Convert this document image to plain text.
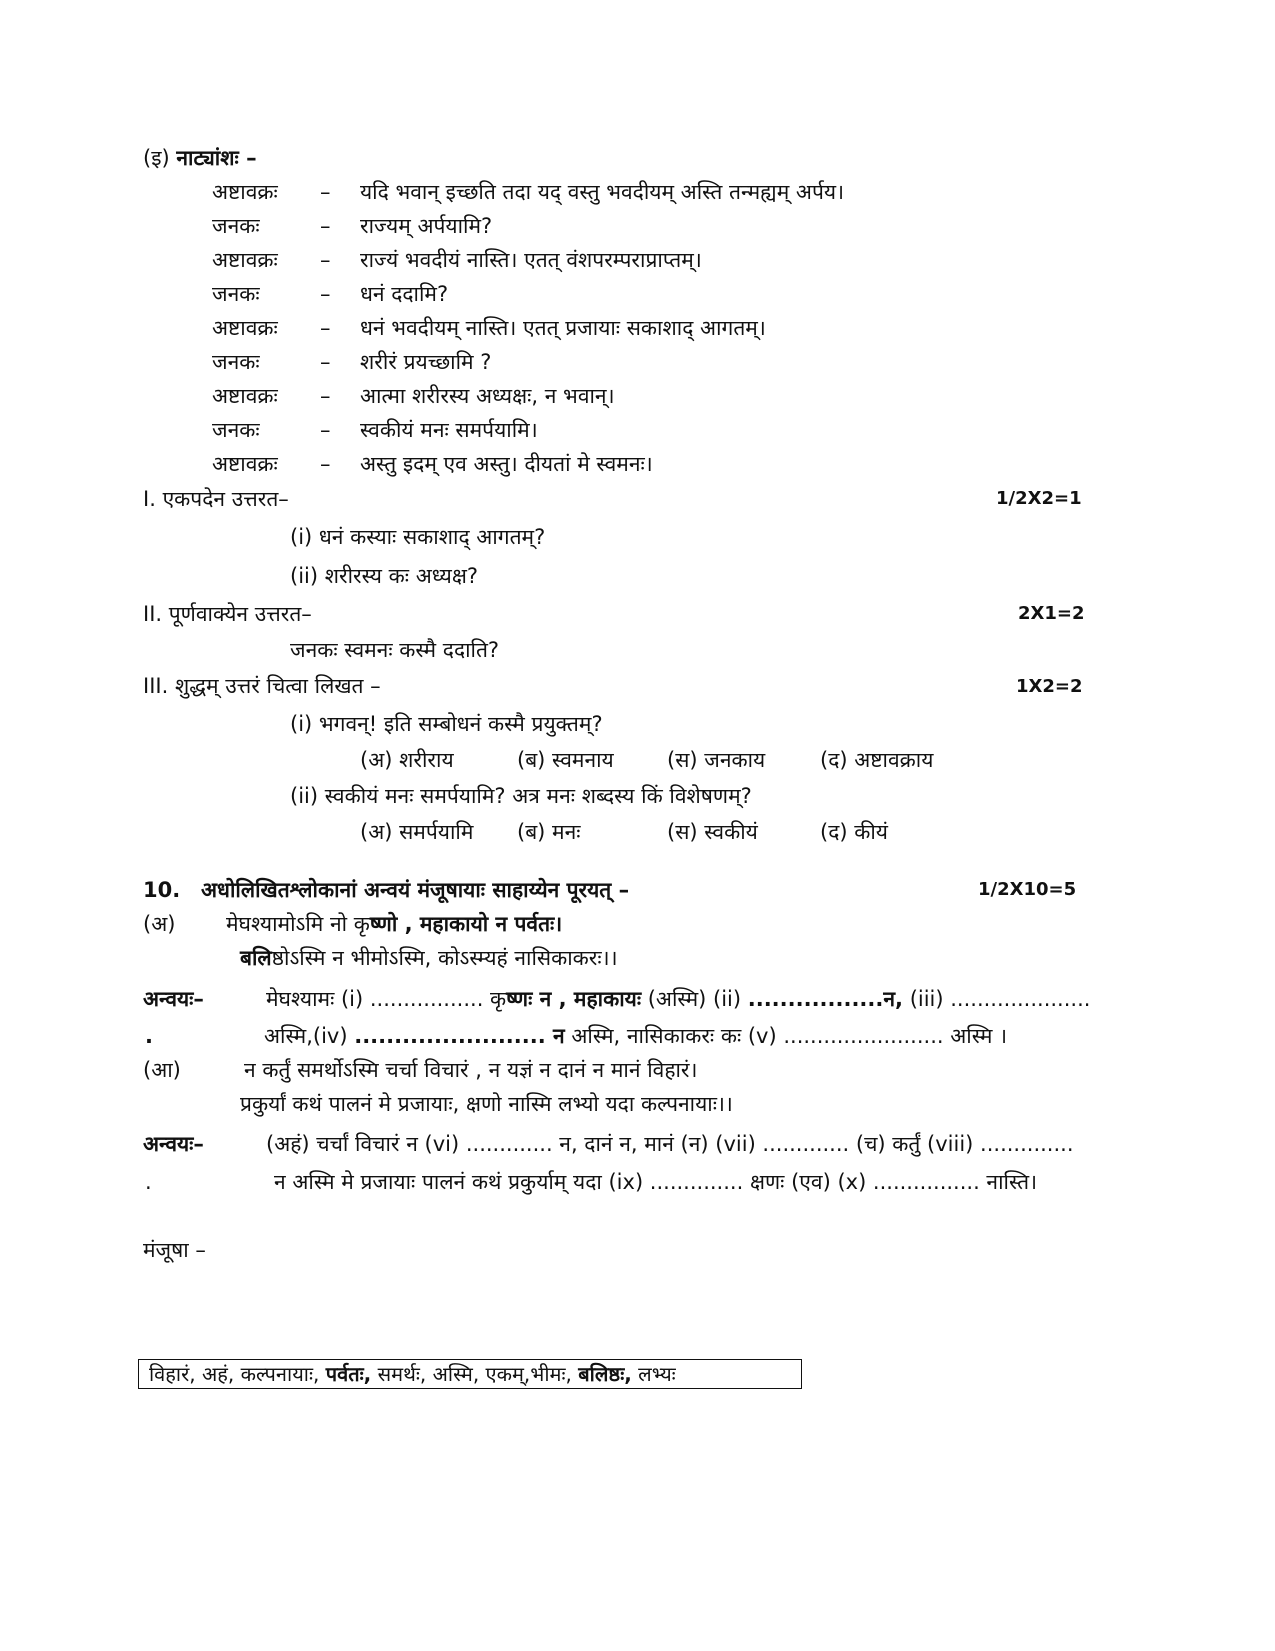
(इ) नाट्यांशः –
अष्टावक्रः – यदि भवान् इच्छति तदा यद् वस्तु भवदीयम् अस्ति तन्मह्यम् अर्पय।
जनकः	– राज्यम् अर्पयामि?
अष्टावक्रः – राज्यं भवदीयं नास्ति। एतत् वंशपरम्पराप्राप्तम्।
जनकः	– धनं ददामि?
अष्टावक्रः – धनं भवदीयम् नास्ति। एतत् प्रजायाः सकाशाद् आगतम्।
जनकः	– शरीरं प्रयच्छामि ?
अष्टावक्रः – आत्मा शरीरस्य अध्यक्षः, न भवान्।
जनकः	– स्वकीयं मनः समर्पयामि।
अष्टावक्रः – अस्तु इदम् एव अस्तु। दीयतां मे स्वमनः।
I. एकपदेन उत्तरत–	1/2X2=1
(i) धनं कस्याः सकाशाद् आगतम्?
(ii) शरीरस्य कः अध्यक्ष?
II. पूर्णवाक्येन उत्तरत–	2X1=2
जनकः स्वमनः कस्मै ददाति?
III. शुद्धम् उत्तरं चित्वा लिखत –	1X2=2
(i) भगवन्! इति सम्बोधनं कस्मै प्रयुक्तम्?
(अ) शरीराय	(ब) स्वमनाय	(स) जनकाय	(द) अष्टावक्राय
(ii) स्वकीयं मनः समर्पयामि? अत्र मनः शब्दस्य किं विशेषणम्?
(अ) समर्पयामि (ब) मनः	(स) स्वकीयं	(द) कीयं
10. अधोलिखितश्लोकानां अन्वयं मंजूषायाः साहाय्येन पूरयत् –	1/2X10=5
(अ) मेघश्यामोऽमि नो कृष्णो , महाकायो न पर्वतः।
बलिष्ठोऽस्मि न भीमोऽस्मि, कोऽस्म्यहं नासिकाकरः।।
अन्वयः–	मेघश्यामः (i) ................. कृष्णः न , महाकायः (अस्मि) (ii) .................न, (iii) .....................
.	अस्मि,(iv) ........................ न अस्मि, नासिकाकरः कः (v) ........................ अस्मि ।
(आ)	न कर्तुं समर्थोऽस्मि चर्चा विचारं , न यज्ञं न दानं न मानं विहारं।
प्रकुर्यां कथं पालनं मे प्रजायाः, क्षणो नास्मि लभ्यो यदा कल्पनायाः।।
अन्वयः–	(अहं) चर्चां विचारं न (vi) ............. न, दानं न, मानं (न) (vii) ............. (च) कर्तुं (viii) ..............
.	न अस्मि मे प्रजायाः पालनं कथं प्रकुर्याम् यदा (ix) .............. क्षणः (एव) (x) ................ नास्ति।
मंजूषा –
विहारं, अहं, कल्पनायाः, पर्वतः, समर्थः, अस्मि, एकम्,भीमः, बलिष्ठः, लभ्यः
